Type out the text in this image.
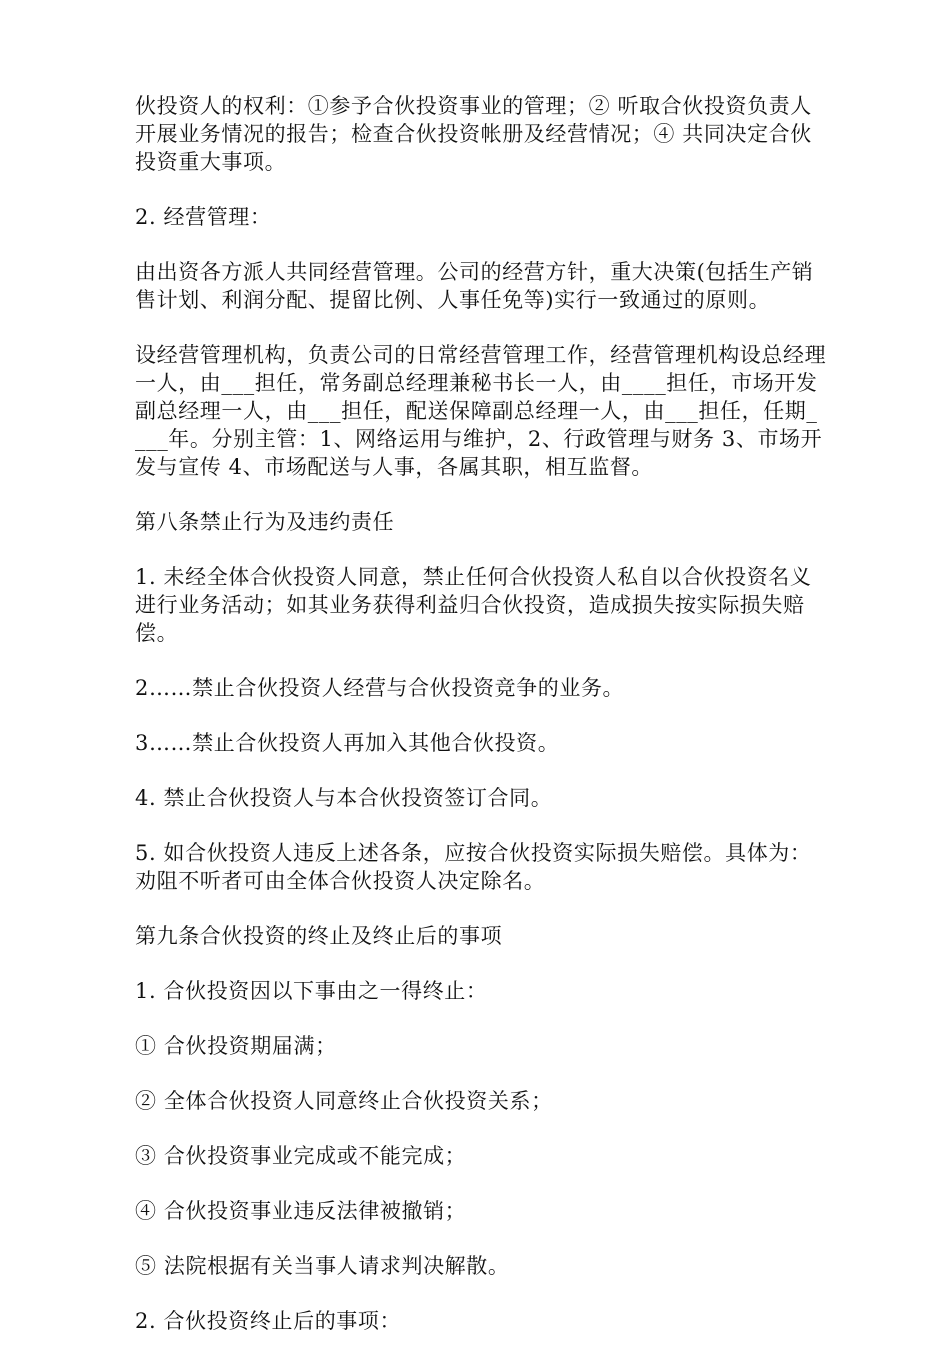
伙投资人的权利：①参予合伙投资事业的管理；② 听取合伙投资负责人开展业务情况的报告；检查合伙投资帐册及经营情况；④ 共同决定合伙投资重大事项。

2. 经营管理：

由出资各方派人共同经营管理。公司的经营方针，重大决策(包括生产销售计划、利润分配、提留比例、人事任免等)实行一致通过的原则。

设经营管理机构，负责公司的日常经营管理工作，经营管理机构设总经理一人，由___担任，常务副总经理兼秘书长一人，由____担任，市场开发副总经理一人，由___担任，配送保障副总经理一人，由___担任，任期____年。分别主管：1、网络运用与维护，2、行政管理与财务 3、市场开发与宣传 4、市场配送与人事，各属其职，相互监督。

第八条禁止行为及违约责任

1. 未经全体合伙投资人同意，禁止任何合伙投资人私自以合伙投资名义进行业务活动；如其业务获得利益归合伙投资，造成损失按实际损失赔偿。

2……禁止合伙投资人经营与合伙投资竞争的业务。

3……禁止合伙投资人再加入其他合伙投资。

4. 禁止合伙投资人与本合伙投资签订合同。

5. 如合伙投资人违反上述各条，应按合伙投资实际损失赔偿。具体为：劝阻不听者可由全体合伙投资人决定除名。

第九条合伙投资的终止及终止后的事项

1. 合伙投资因以下事由之一得终止：

① 合伙投资期届满；

② 全体合伙投资人同意终止合伙投资关系；

③ 合伙投资事业完成或不能完成；

④ 合伙投资事业违反法律被撤销；

⑤ 法院根据有关当事人请求判决解散。

2. 合伙投资终止后的事项：
